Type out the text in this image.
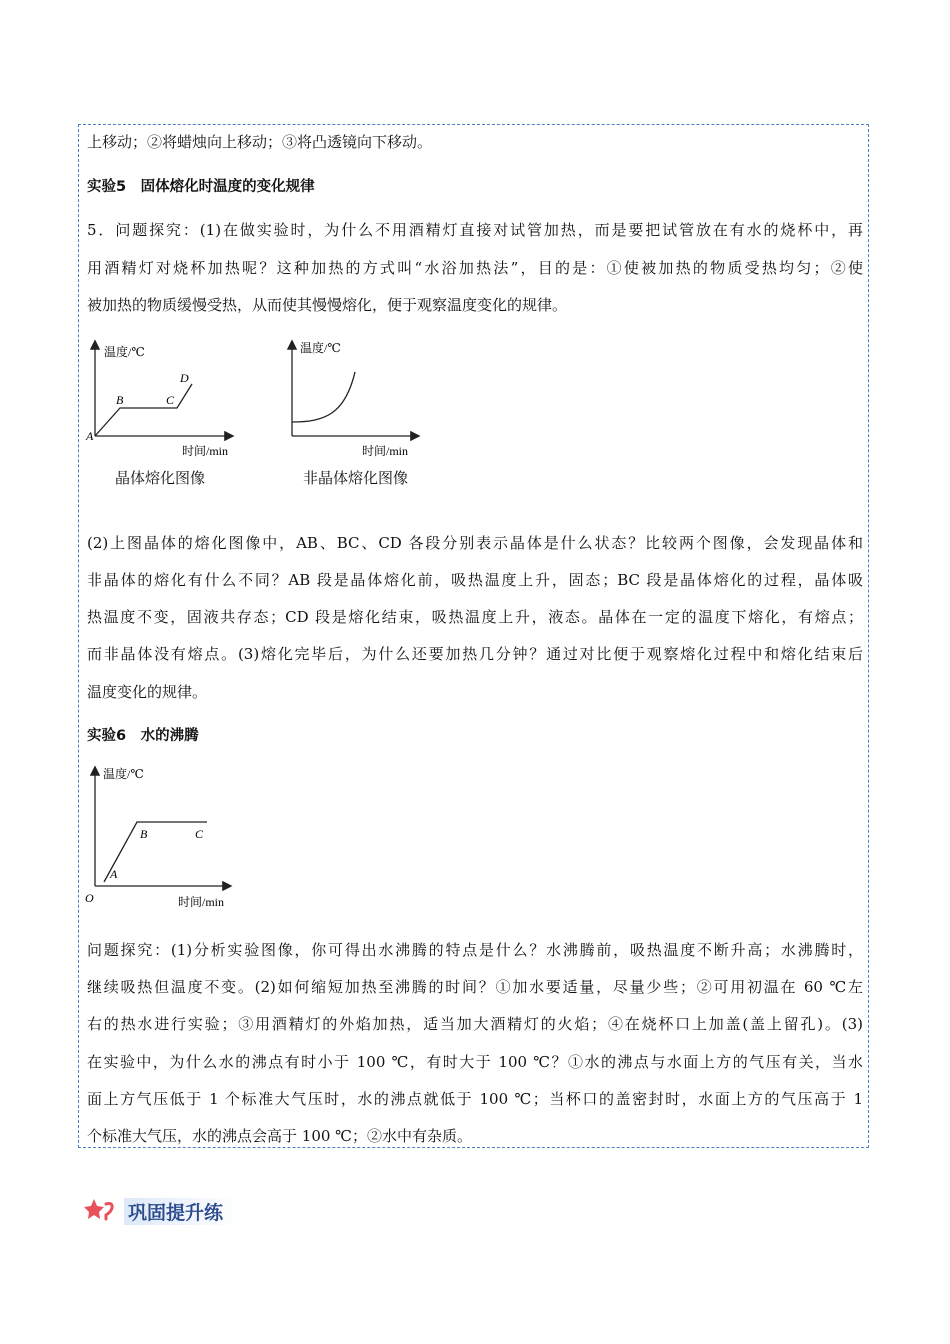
上移动；②将蜡烛向上移动；③将凸透镜向下移动。
实验5　固体熔化时温度的变化规律
5．问题探究：(1)在做实验时，为什么不用酒精灯直接对试管加热，而是要把试管放在有水的烧杯中，再
用酒精灯对烧杯加热呢？这种加热的方式叫“水浴加热法”，目的是：①使被加热的物质受热均匀；②使
被加热的物质缓慢受热，从而使其慢慢熔化，便于观察温度变化的规律。
温度/℃
时间/min
A
B	C
D
晶体熔化图像
温度/℃
时间/min
非晶体熔化图像
(2)上图晶体的熔化图像中，AB、BC、CD 各段分别表示晶体是什么状态？比较两个图像，会发现晶体和
非晶体的熔化有什么不同？AB 段是晶体熔化前，吸热温度上升，固态；BC 段是晶体熔化的过程，晶体吸
热温度不变，固液共存态；CD 段是熔化结束，吸热温度上升，液态。晶体在一定的温度下熔化，有熔点；
而非晶体没有熔点。(3)熔化完毕后，为什么还要加热几分钟？通过对比便于观察熔化过程中和熔化结束后
温度变化的规律。
实验6　水的沸腾
温度/℃
时间/min
O
A
B	C
问题探究：(1)分析实验图像，你可得出水沸腾的特点是什么？水沸腾前，吸热温度不断升高；水沸腾时，
继续吸热但温度不变。(2)如何缩短加热至沸腾的时间？①加水要适量，尽量少些；②可用初温在 60 ℃左
右的热水进行实验；③用酒精灯的外焰加热，适当加大酒精灯的火焰；④在烧杯口上加盖(盖上留孔)。(3)
在实验中，为什么水的沸点有时小于 100 ℃，有时大于 100 ℃？①水的沸点与水面上方的气压有关，当水
面上方气压低于 1 个标准大气压时，水的沸点就低于 100 ℃；当杯口的盖密封时，水面上方的气压高于 1
个标准大气压，水的沸点会高于 100 ℃；②水中有杂质。
巩固提升练
